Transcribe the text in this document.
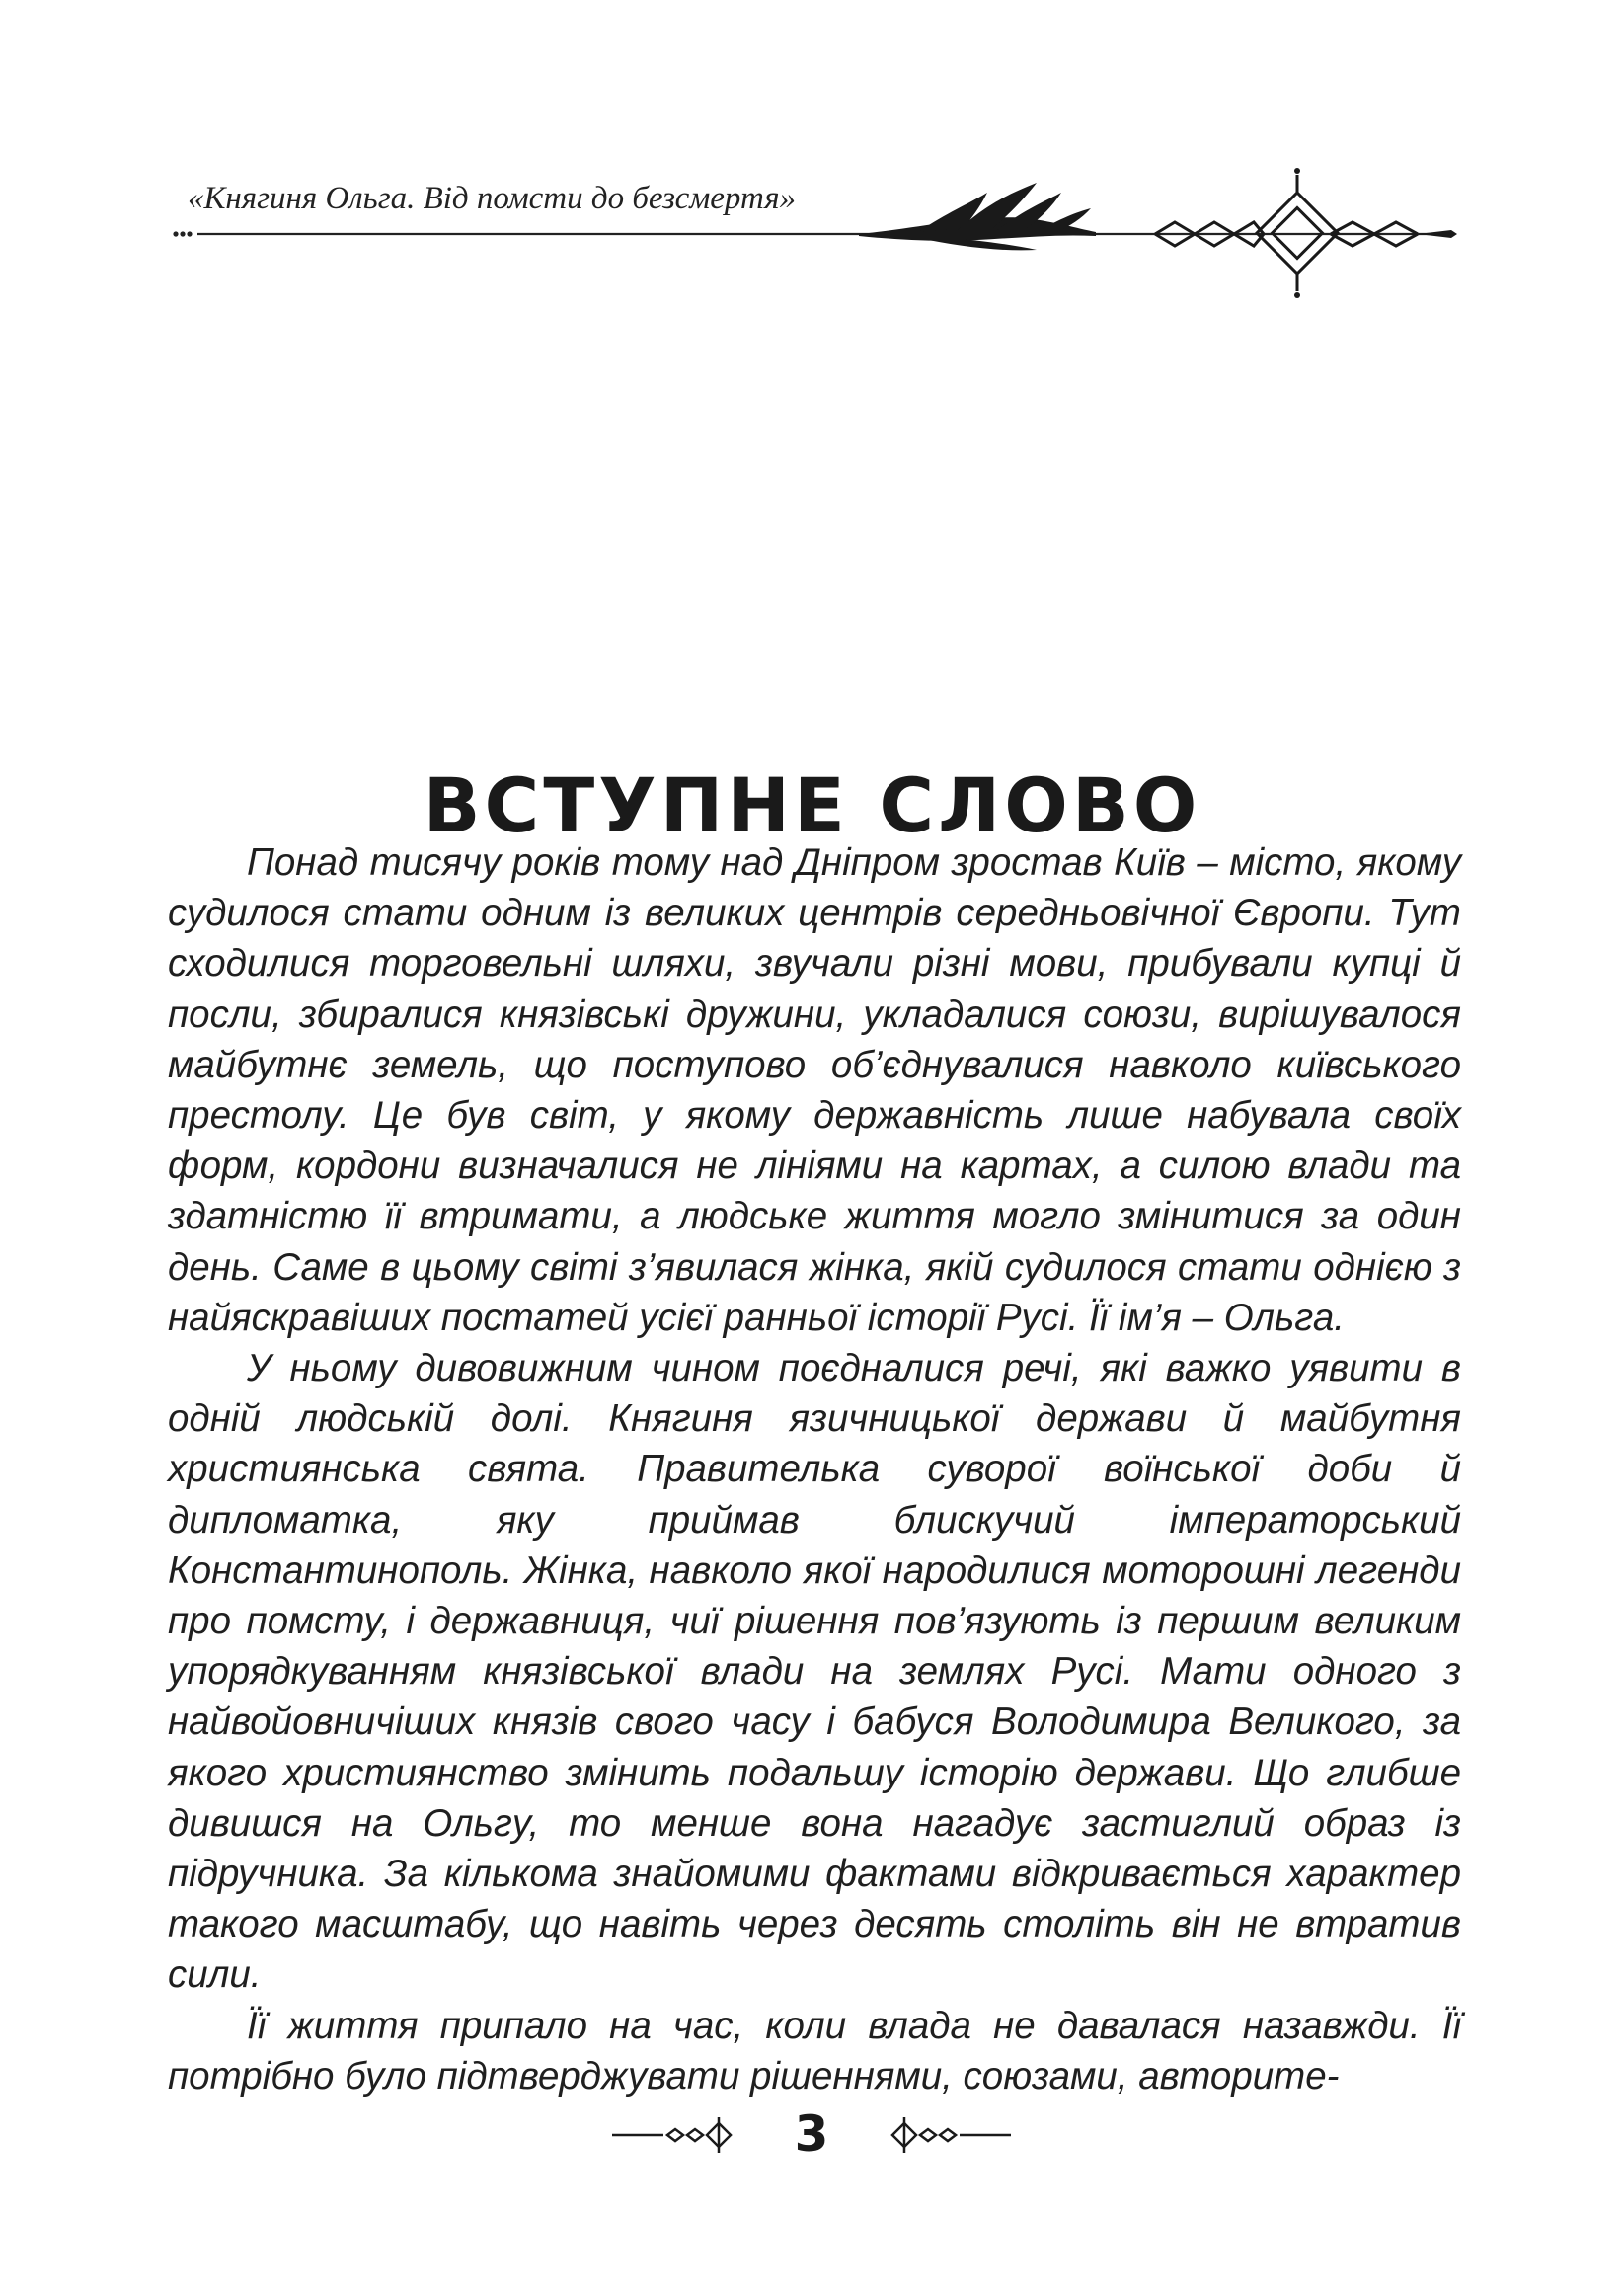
«Княгиня Ольга. Від помсти до безсмертя»
ВСТУПНЕ СЛОВО

Понад тисячу років тому над Дніпром зростав Київ – місто, якому судилося стати одним із великих центрів середньовічної Європи. Тут сходилися торговельні шляхи, звучали різні мови, прибували купці й посли, збиралися князівські дружини, укладалися союзи, вирішувалося майбутнє земель, що поступово об’єднувалися навколо київського престолу. Це був світ, у якому державність лише набувала своїх форм, кордони визначалися не лініями на картах, а силою влади та здатністю її втримати, а людське життя могло змінитися за один день. Саме в цьому світі з’явилася жінка, якій судилося стати однією з найяскравіших постатей усієї ранньої історії Русі. Її ім’я – Ольга.

У ньому дивовижним чином поєдналися речі, які важко уявити в одній людській долі. Княгиня язичницької держави й майбутня християнська свята. Правителька суворої воїнської доби й дипломатка, яку приймав блискучий імператорський Константинополь. Жінка, навколо якої народилися моторошні легенди про помсту, і державниця, чиї рішення пов’язують із першим великим упорядкуванням князівської влади на землях Русі. Мати одного з найвойовничіших князів свого часу і бабуся Володимира Великого, за якого християнство змінить подальшу історію держави. Що глибше дивишся на Ольгу, то менше вона нагадує застиглий образ із підручника. За кількома знайомими фактами відкривається характер такого масштабу, що навіть через десять століть він не втратив сили.

Її життя припало на час, коли влада не давалася назавжди. Її потрібно було підтверджувати рішеннями, союзами, авторите-

3
